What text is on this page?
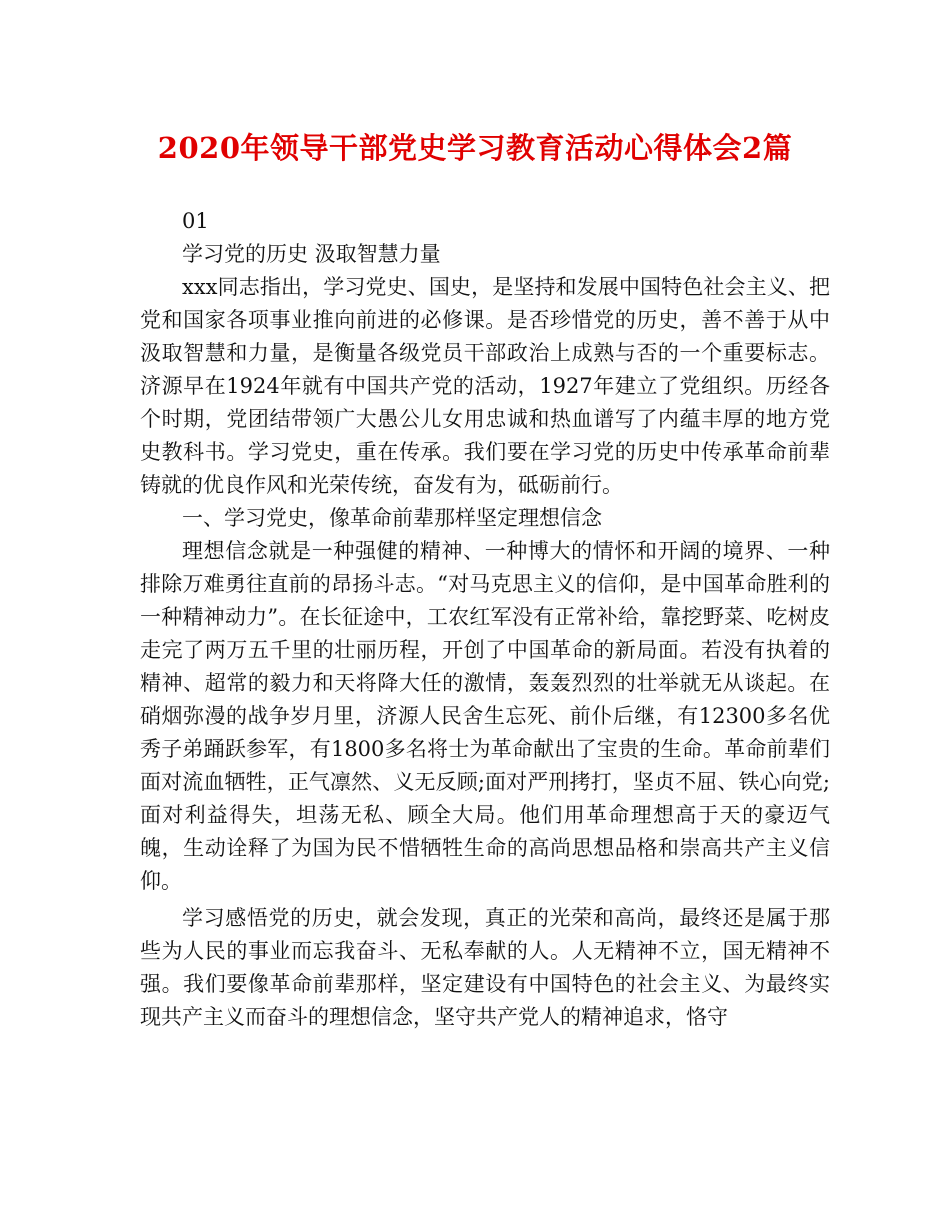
2020年领导干部党史学习教育活动心得体会2篇

01

学习党的历史 汲取智慧力量

xxx同志指出，学习党史、国史，是坚持和发展中国特色社会主义、把党和国家各项事业推向前进的必修课。是否珍惜党的历史，善不善于从中汲取智慧和力量，是衡量各级党员干部政治上成熟与否的一个重要标志。济源早在1924年就有中国共产党的活动，1927年建立了党组织。历经各个时期，党团结带领广大愚公儿女用忠诚和热血谱写了内蕴丰厚的地方党史教科书。学习党史，重在传承。我们要在学习党的历史中传承革命前辈铸就的优良作风和光荣传统，奋发有为，砥砺前行。

一、学习党史，像革命前辈那样坚定理想信念

理想信念就是一种强健的精神、一种博大的情怀和开阔的境界、一种排除万难勇往直前的昂扬斗志。“对马克思主义的信仰，是中国革命胜利的一种精神动力”。在长征途中，工农红军没有正常补给，靠挖野菜、吃树皮走完了两万五千里的壮丽历程，开创了中国革命的新局面。若没有执着的精神、超常的毅力和天将降大任的激情，轰轰烈烈的壮举就无从谈起。在硝烟弥漫的战争岁月里，济源人民舍生忘死、前仆后继，有12300多名优秀子弟踊跃参军，有1800多名将士为革命献出了宝贵的生命。革命前辈们面对流血牺牲，正气凛然、义无反顾;面对严刑拷打，坚贞不屈、铁心向党;面对利益得失，坦荡无私、顾全大局。他们用革命理想高于天的豪迈气魄，生动诠释了为国为民不惜牺牲生命的高尚思想品格和崇高共产主义信仰。

学习感悟党的历史，就会发现，真正的光荣和高尚，最终还是属于那些为人民的事业而忘我奋斗、无私奉献的人。人无精神不立，国无精神不强。我们要像革命前辈那样，坚定建设有中国特色的社会主义、为最终实现共产主义而奋斗的理想信念，坚守共产党人的精神追求，恪守
